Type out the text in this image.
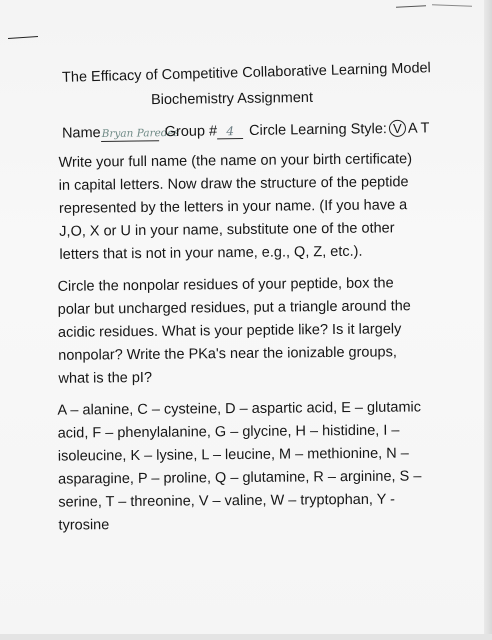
The Efficacy of Competitive Collaborative Learning Model
Biochemistry Assignment
Name Bryan Paredes
Group # 4	Circle Learning Style: V A T
Write your full name (the name on your birth certificate)
in capital letters. Now draw the structure of the peptide
represented by the letters in your name. (If you have a
J,O, X or U in your name, substitute one of the other
letters that is not in your name, e.g., Q, Z, etc.).
Circle the nonpolar residues of your peptide, box the
polar but uncharged residues, put a triangle around the
acidic residues. What is your peptide like? Is it largely
nonpolar? Write the PKa's near the ionizable groups,
what is the pI?
A – alanine, C – cysteine, D – aspartic acid, E – glutamic
acid, F – phenylalanine, G – glycine, H – histidine, I –
isoleucine, K – lysine, L – leucine, M – methionine, N –
asparagine, P – proline, Q – glutamine, R – arginine, S –
serine, T – threonine, V – valine, W – tryptophan, Y -
tyrosine
